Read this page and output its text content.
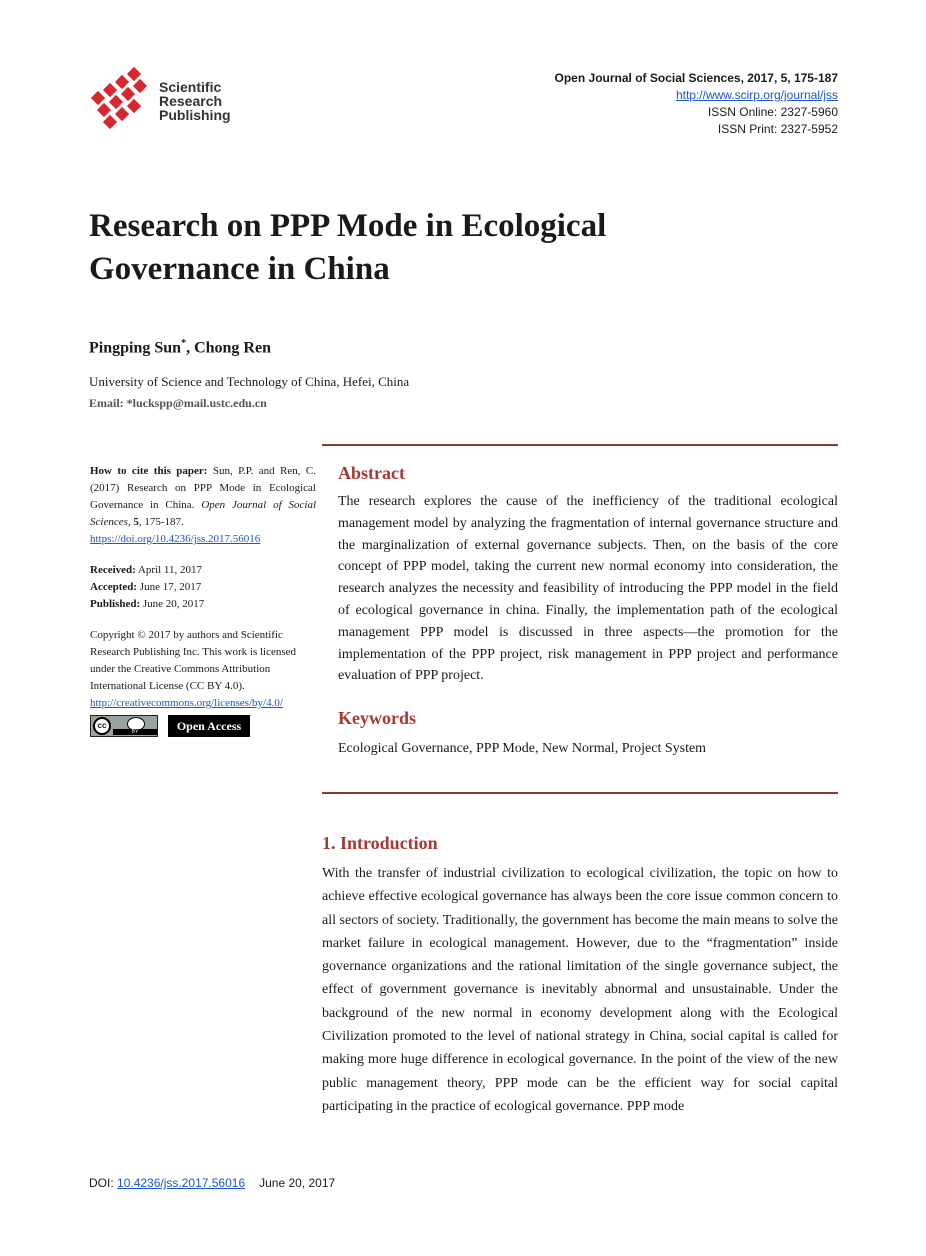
Scientific
Research
Publishing
Open Journal of Social Sciences, 2017, 5, 175-187
http://www.scirp.org/journal/jss
ISSN Online: 2327-5960
ISSN Print: 2327-5952
Research on PPP Mode in Ecological
Governance in China
Pingping Sun*, Chong Ren
University of Science and Technology of China, Hefei, China
Email: *luckspp@mail.ustc.edu.cn
How to cite this paper: Sun, P.P. and Ren, C. (2017) Research on PPP Mode in Ecological Governance in China. Open Journal of Social Sciences, 5, 175-187.
https://doi.org/10.4236/jss.2017.56016
Received: April 11, 2017
Accepted: June 17, 2017
Published: June 20, 2017
Copyright © 2017 by authors and Scientific Research Publishing Inc. This work is licensed under the Creative Commons Attribution International License (CC BY 4.0).
http://creativecommons.org/licenses/by/4.0/
cc
BY	Open Access
Abstract

The research explores the cause of the inefficiency of the traditional ecological management model by analyzing the fragmentation of internal governance structure and the marginalization of external governance subjects. Then, on the basis of the core concept of PPP model, taking the current new normal economy into consideration, the research analyzes the necessity and feasibility of introducing the PPP model in the field of ecological governance in china. Finally, the implementation path of the ecological management PPP model is discussed in three aspects—the promotion for the implementation of the PPP project, risk management in PPP project and performance evaluation of PPP project.

Keywords
Ecological Governance, PPP Mode, New Normal, Project System
1. Introduction

With the transfer of industrial civilization to ecological civilization, the topic on how to achieve effective ecological governance has always been the core issue common concern to all sectors of society. Traditionally, the government has become the main means to solve the market failure in ecological management. However, due to the “fragmentation” inside governance organizations and the rational limitation of the single governance subject, the effect of government governance is inevitably abnormal and unsustainable. Under the background of the new normal in economy development along with the Ecological Civilization promoted to the level of national strategy in China, social capital is called for making more huge difference in ecological governance. In the point of the view of the new public management theory, PPP mode can be the efficient way for social capital participating in the practice of ecological governance. PPP mode

DOI: 10.4236/jss.2017.56016 June 20, 2017
